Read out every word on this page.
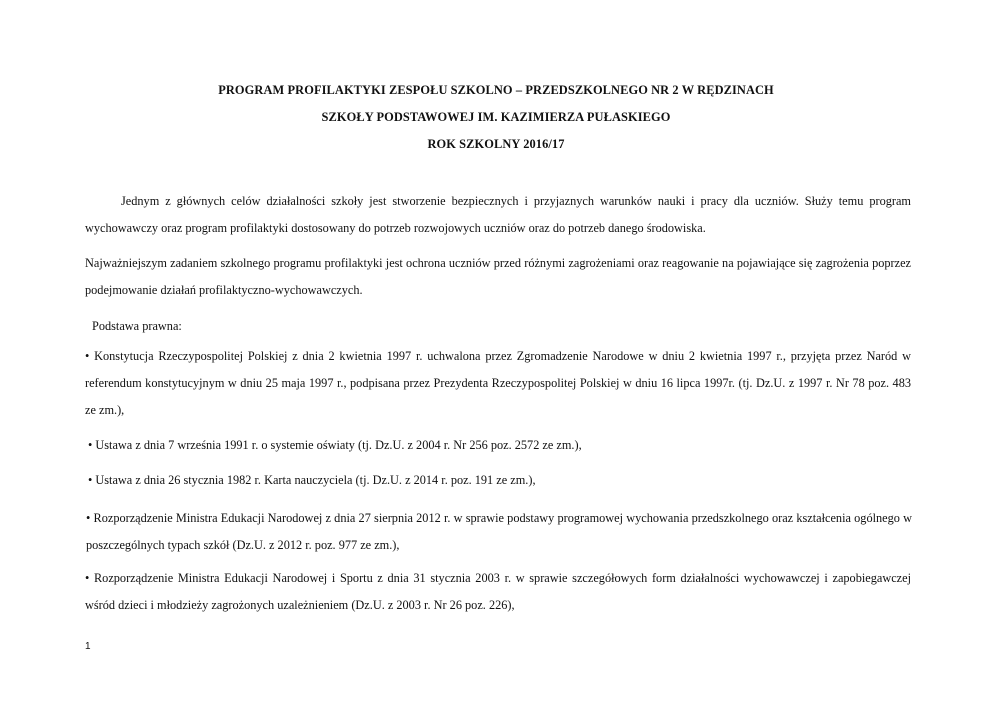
PROGRAM PROFILAKTYKI ZESPOŁU SZKOLNO – PRZEDSZKOLNEGO NR 2 W RĘDZINACH
SZKOŁY PODSTAWOWEJ IM. KAZIMIERZA PUŁASKIEGO
ROK SZKOLNY 2016/17
Jednym z głównych celów działalności szkoły jest stworzenie bezpiecznych i przyjaznych warunków nauki i pracy dla uczniów. Służy temu program wychowawczy oraz program profilaktyki dostosowany do potrzeb rozwojowych uczniów oraz do potrzeb danego środowiska.
Najważniejszym zadaniem szkolnego programu profilaktyki jest ochrona uczniów przed różnymi zagrożeniami oraz reagowanie na pojawiające się zagrożenia poprzez podejmowanie działań profilaktyczno-wychowawczych.
Podstawa prawna:
• Konstytucja Rzeczypospolitej Polskiej z dnia 2 kwietnia 1997 r. uchwalona przez Zgromadzenie Narodowe w dniu 2 kwietnia 1997 r., przyjęta przez Naród w referendum konstytucyjnym w dniu 25 maja 1997 r., podpisana przez Prezydenta Rzeczypospolitej Polskiej w dniu 16 lipca 1997r. (tj. Dz.U. z 1997 r. Nr 78 poz. 483 ze zm.),
• Ustawa z dnia 7 września 1991 r. o systemie oświaty (tj. Dz.U. z 2004 r. Nr 256 poz. 2572 ze zm.),
• Ustawa z dnia 26 stycznia 1982 r. Karta nauczyciela (tj. Dz.U. z 2014 r. poz. 191 ze zm.),
• Rozporządzenie Ministra Edukacji Narodowej z dnia 27 sierpnia 2012 r. w sprawie podstawy programowej wychowania przedszkolnego oraz kształcenia ogólnego w poszczególnych typach szkół (Dz.U. z 2012 r. poz. 977 ze zm.),
• Rozporządzenie Ministra Edukacji Narodowej i Sportu z dnia 31 stycznia 2003 r. w sprawie szczegółowych form działalności wychowawczej i zapobiegawczej wśród dzieci i młodzieży zagrożonych uzależnieniem (Dz.U. z 2003 r. Nr 26 poz. 226),
1
